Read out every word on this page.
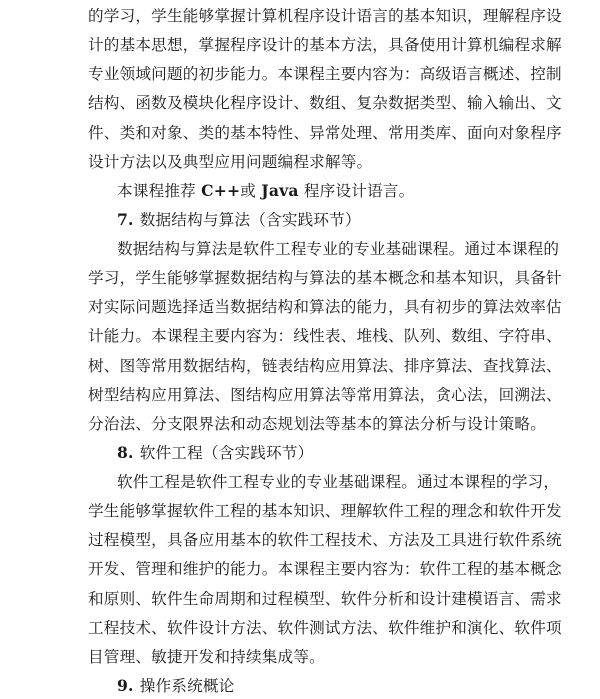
的学习，学生能够掌握计算机程序设计语言的基本知识，理解程序设
计的基本思想，掌握程序设计的基本方法，具备使用计算机编程求解
专业领域问题的初步能力。本课程主要内容为：高级语言概述、控制
结构、函数及模块化程序设计、数组、复杂数据类型、输入输出、文
件、类和对象、类的基本特性、异常处理、常用类库、面向对象程序
设计方法以及典型应用问题编程求解等。
本课程推荐 C++或 Java 程序设计语言。
7. 数据结构与算法（含实践环节）
数据结构与算法是软件工程专业的专业基础课程。通过本课程的
学习，学生能够掌握数据结构与算法的基本概念和基本知识，具备针
对实际问题选择适当数据结构和算法的能力，具有初步的算法效率估
计能力。本课程主要内容为：线性表、堆栈、队列、数组、字符串、
树、图等常用数据结构，链表结构应用算法、排序算法、查找算法、
树型结构应用算法、图结构应用算法等常用算法，贪心法，回溯法、
分治法、分支限界法和动态规划法等基本的算法分析与设计策略。
8. 软件工程（含实践环节）
软件工程是软件工程专业的专业基础课程。通过本课程的学习，
学生能够掌握软件工程的基本知识、理解软件工程的理念和软件开发
过程模型，具备应用基本的软件工程技术、方法及工具进行软件系统
开发、管理和维护的能力。本课程主要内容为：软件工程的基本概念
和原则、软件生命周期和过程模型、软件分析和设计建模语言、需求
工程技术、软件设计方法、软件测试方法、软件维护和演化、软件项
目管理、敏捷开发和持续集成等。
9. 操作系统概论
